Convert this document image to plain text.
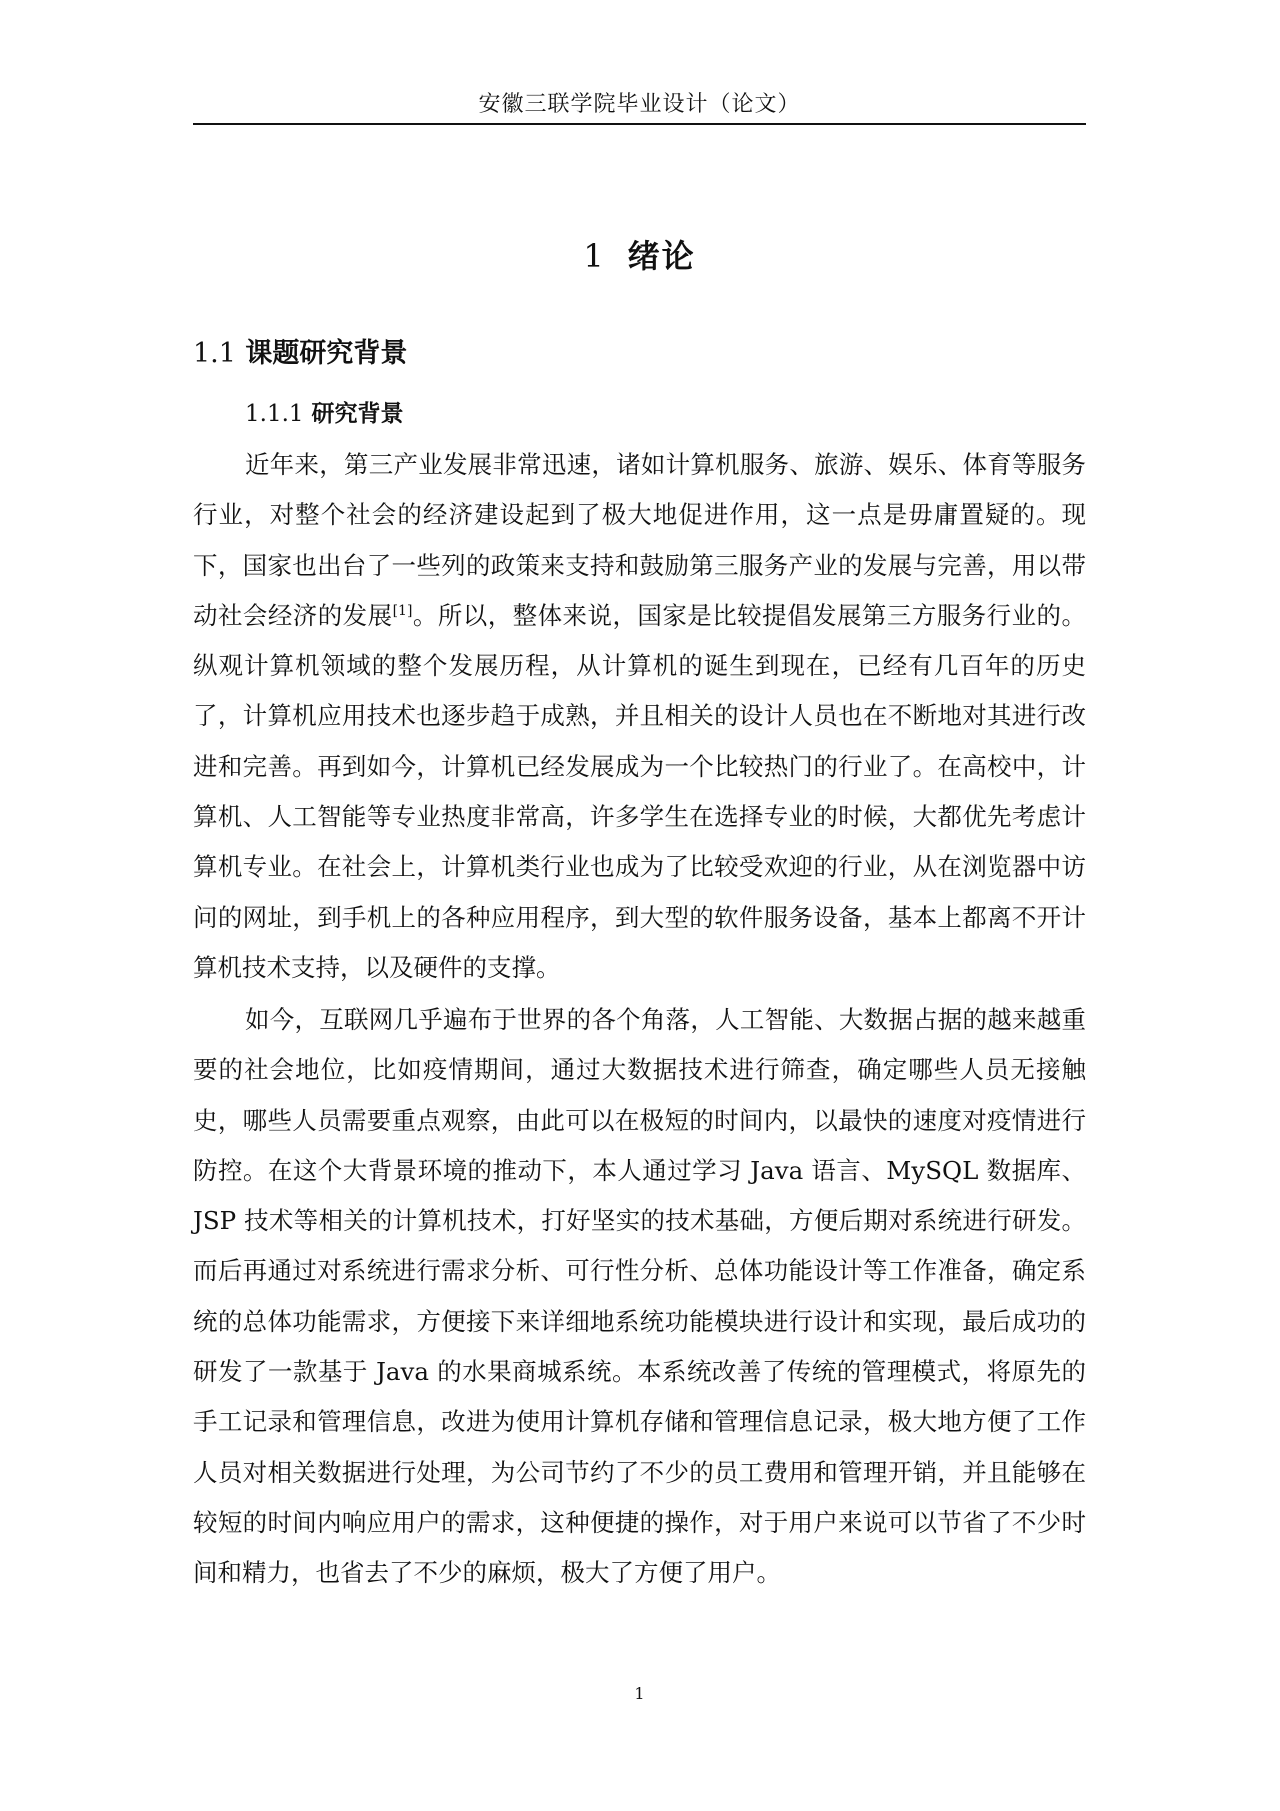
安徽三联学院毕业设计（论文）
1 绪论
1.1 课题研究背景
1.1.1 研究背景

近年来，第三产业发展非常迅速，诸如计算机服务、旅游、娱乐、体育等服务行业，对整个社会的经济建设起到了极大地促进作用，这一点是毋庸置疑的。现下，国家也出台了一些列的政策来支持和鼓励第三服务产业的发展与完善，用以带动社会经济的发展[1]。所以，整体来说，国家是比较提倡发展第三方服务行业的。纵观计算机领域的整个发展历程，从计算机的诞生到现在，已经有几百年的历史了，计算机应用技术也逐步趋于成熟，并且相关的设计人员也在不断地对其进行改进和完善。再到如今，计算机已经发展成为一个比较热门的行业了。在高校中，计算机、人工智能等专业热度非常高，许多学生在选择专业的时候，大都优先考虑计算机专业。在社会上，计算机类行业也成为了比较受欢迎的行业，从在浏览器中访问的网址，到手机上的各种应用程序，到大型的软件服务设备，基本上都离不开计算机技术支持，以及硬件的支撑。

如今，互联网几乎遍布于世界的各个角落，人工智能、大数据占据的越来越重要的社会地位，比如疫情期间，通过大数据技术进行筛查，确定哪些人员无接触史，哪些人员需要重点观察，由此可以在极短的时间内，以最快的速度对疫情进行防控。在这个大背景环境的推动下，本人通过学习 Java 语言、MySQL 数据库、JSP 技术等相关的计算机技术，打好坚实的技术基础，方便后期对系统进行研发。而后再通过对系统进行需求分析、可行性分析、总体功能设计等工作准备，确定系统的总体功能需求，方便接下来详细地系统功能模块进行设计和实现，最后成功的研发了一款基于 Java 的水果商城系统。本系统改善了传统的管理模式，将原先的手工记录和管理信息，改进为使用计算机存储和管理信息记录，极大地方便了工作人员对相关数据进行处理，为公司节约了不少的员工费用和管理开销，并且能够在较短的时间内响应用户的需求，这种便捷的操作，对于用户来说可以节省了不少时间和精力，也省去了不少的麻烦，极大了方便了用户。

1
